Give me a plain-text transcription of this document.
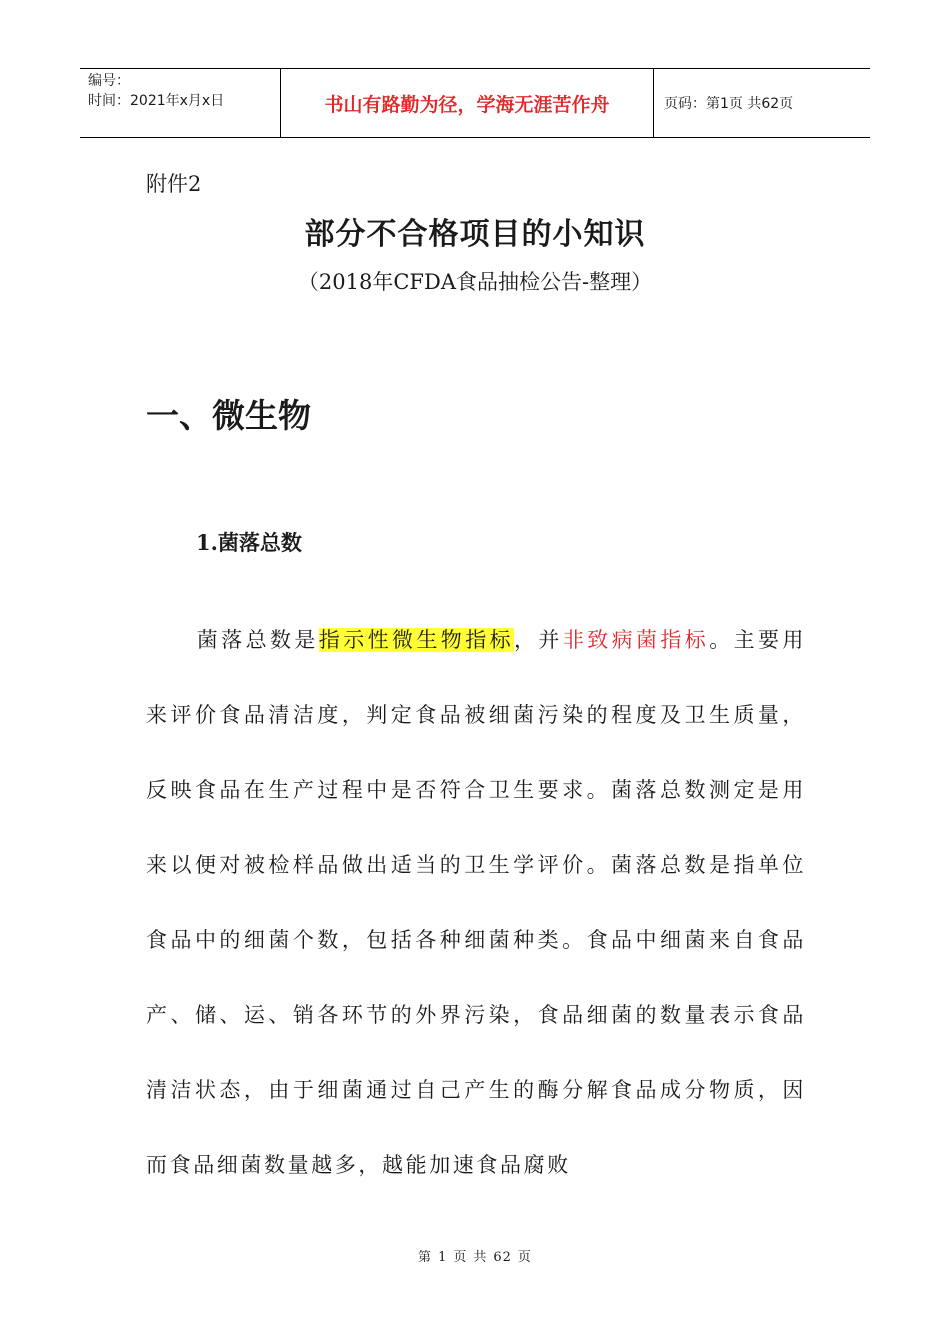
编号：
时间：2021年x月x日	书山有路勤为径，学海无涯苦作舟	页码：第1页 共62页
附件2
部分不合格项目的小知识
（2018年CFDA食品抽检公告-整理）
一、微生物
1.菌落总数
菌落总数是指示性微生物指标，并非致病菌指标。主要用来评价食品清洁度，判定食品被细菌污染的程度及卫生质量，反映食品在生产过程中是否符合卫生要求。菌落总数测定是用来以便对被检样品做出适当的卫生学评价。菌落总数是指单位食品中的细菌个数，包括各种细菌种类。食品中细菌来自食品产、储、运、销各环节的外界污染，食品细菌的数量表示食品清洁状态，由于细菌通过自己产生的酶分解食品成分物质，因而食品细菌数量越多，越能加速食品腐败
第 1 页 共 62 页
